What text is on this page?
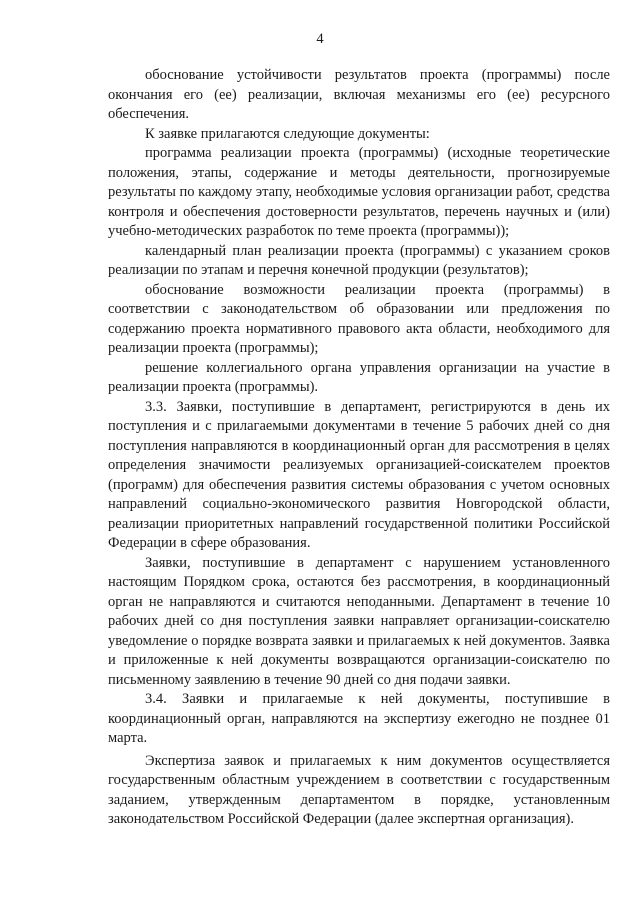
4

обоснование устойчивости результатов проекта (программы) после окончания его (ее) реализации, включая механизмы его (ее) ресурсного обеспечения.

К заявке прилагаются следующие документы:

программа реализации проекта (программы) (исходные теоретические положения, этапы, содержание и методы деятельности, прогнозируемые результаты по каждому этапу, необходимые условия организации работ, средства контроля и обеспечения достоверности результатов, перечень научных и (или) учебно-методических разработок по теме проекта (программы));

календарный план реализации проекта (программы) с указанием сроков реализации по этапам и перечня конечной продукции (результатов);

обоснование возможности реализации проекта (программы) в соответствии с законодательством об образовании или предложения по содержанию проекта нормативного правового акта области, необходимого для реализации проекта (программы);

решение коллегиального органа управления организации на участие в реализации проекта (программы).

3.3. Заявки, поступившие в департамент, регистрируются в день их поступления и с прилагаемыми документами в течение 5 рабочих дней со дня поступления направляются в координационный орган для рассмотрения в целях определения значимости реализуемых организацией-соискателем проектов (программ) для обеспечения развития системы образования с учетом основных направлений социально-экономического развития Новгородской области, реализации приоритетных направлений государственной политики Российской Федерации в сфере образования.

Заявки, поступившие в департамент с нарушением установленного настоящим Порядком срока, остаются без рассмотрения, в координационный орган не направляются и считаются неподанными. Департамент в течение 10 рабочих дней со дня поступления заявки направляет организации-соискателю уведомление о порядке возврата заявки и прилагаемых к ней документов. Заявка и приложенные к ней документы возвращаются организации-соискателю по письменному заявлению в течение 90 дней со дня подачи заявки.

3.4. Заявки и прилагаемые к ней документы, поступившие в координационный орган, направляются на экспертизу ежегодно не позднее 01 марта.

Экспертиза заявок и прилагаемых к ним документов осуществляется государственным областным учреждением в соответствии с государственным заданием, утвержденным департаментом в порядке, установленным законодательством Российской Федерации (далее экспертная организация).
